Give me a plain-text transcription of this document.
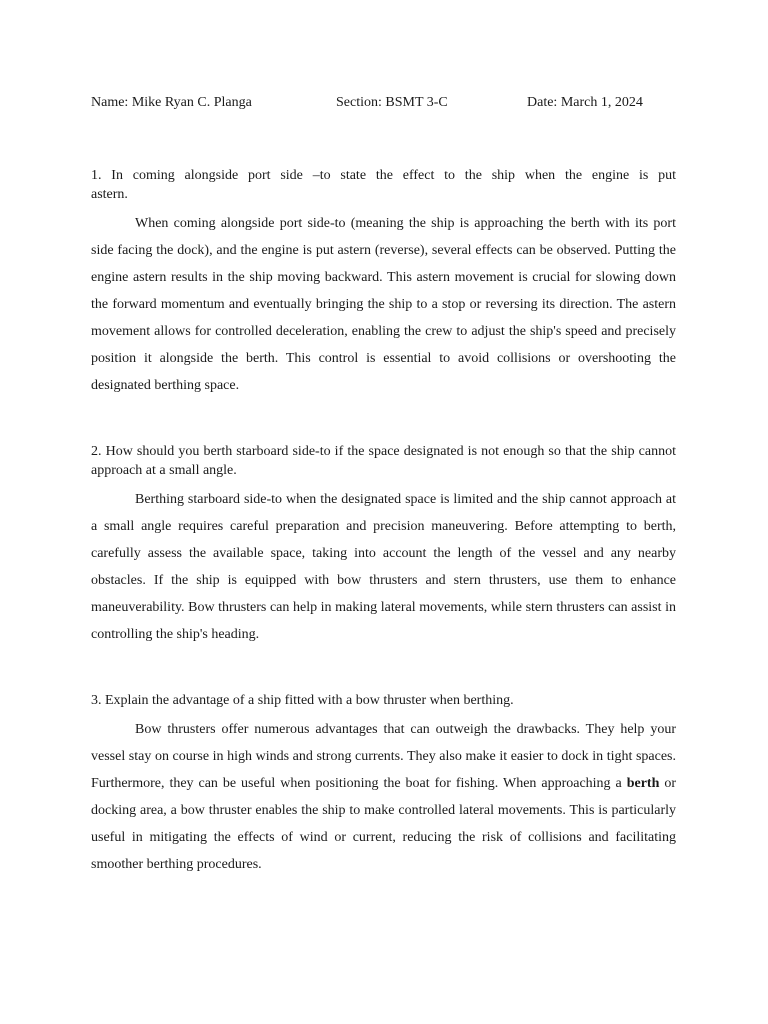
Name: Mike Ryan C. Planga	Section: BSMT 3-C	Date: March 1, 2024
1. In coming alongside port side –to state the effect to the ship when the engine is put astern.

When coming alongside port side-to (meaning the ship is approaching the berth with its port side facing the dock), and the engine is put astern (reverse), several effects can be observed. Putting the engine astern results in the ship moving backward. This astern movement is crucial for slowing down the forward momentum and eventually bringing the ship to a stop or reversing its direction. The astern movement allows for controlled deceleration, enabling the crew to adjust the ship's speed and precisely position it alongside the berth. This control is essential to avoid collisions or overshooting the designated berthing space.

2. How should you berth starboard side-to if the space designated is not enough so that the ship cannot approach at a small angle.

Berthing starboard side-to when the designated space is limited and the ship cannot approach at a small angle requires careful preparation and precision maneuvering. Before attempting to berth, carefully assess the available space, taking into account the length of the vessel and any nearby obstacles. If the ship is equipped with bow thrusters and stern thrusters, use them to enhance maneuverability. Bow thrusters can help in making lateral movements, while stern thrusters can assist in controlling the ship's heading.

3. Explain the advantage of a ship fitted with a bow thruster when berthing.

Bow thrusters offer numerous advantages that can outweigh the drawbacks. They help your vessel stay on course in high winds and strong currents. They also make it easier to dock in tight spaces. Furthermore, they can be useful when positioning the boat for fishing. When approaching a berth or docking area, a bow thruster enables the ship to make controlled lateral movements. This is particularly useful in mitigating the effects of wind or current, reducing the risk of collisions and facilitating smoother berthing procedures.
